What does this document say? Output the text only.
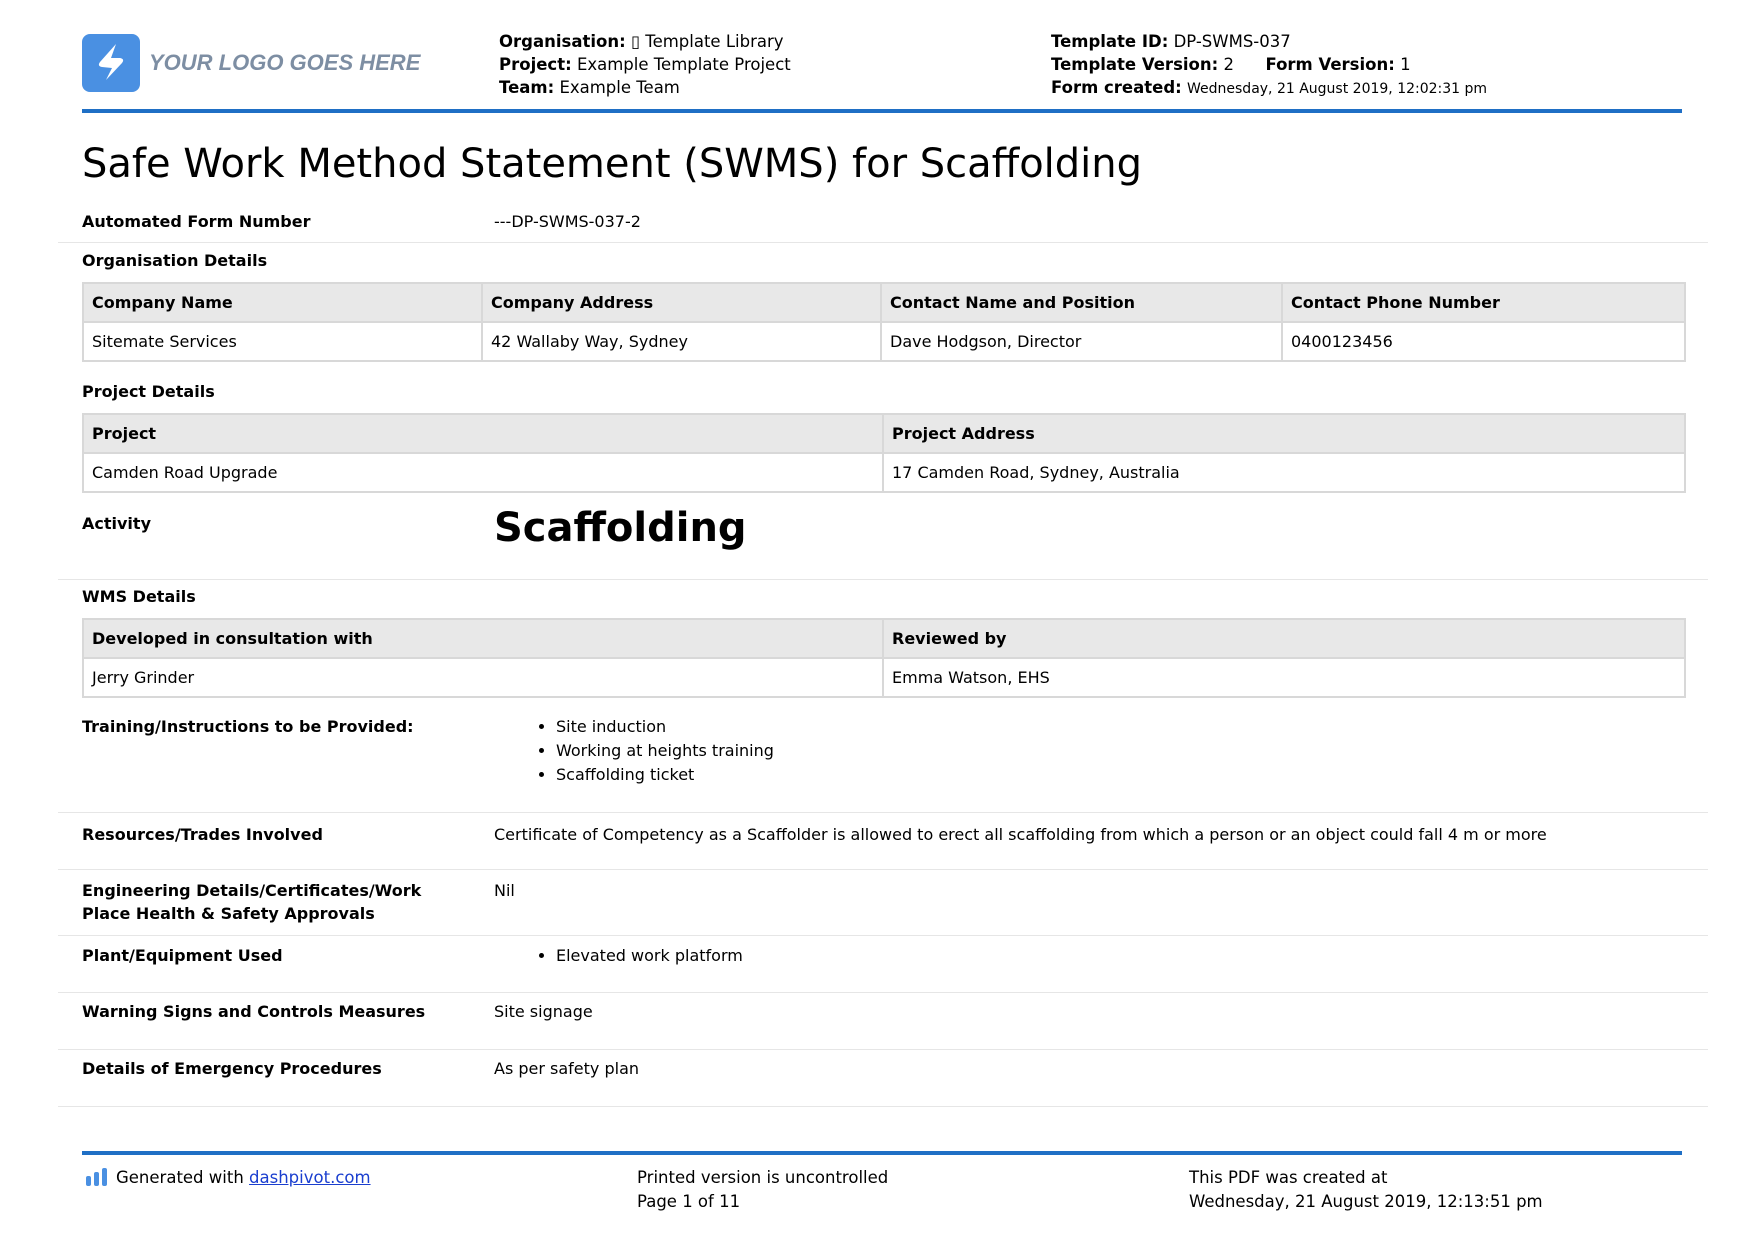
YOUR LOGO GOES HERE
Organisation: ▯ Template Library
Project: Example Template Project
Team: Example Team
Template ID: DP-SWMS-037
Template Version: 2 Form Version: 1
Form created: Wednesday, 21 August 2019, 12:02:31 pm
Safe Work Method Statement (SWMS) for Scaffolding
Automated Form Number	---DP-SWMS-037-2
Organisation Details
Company Name	Company Address	Contact Name and Position	Contact Phone Number
Sitemate Services	42 Wallaby Way, Sydney	Dave Hodgson, Director	0400123456
Project Details
Project	Project Address
Camden Road Upgrade	17 Camden Road, Sydney, Australia
Activity	Scaffolding
WMS Details
Developed in consultation with	Reviewed by
Jerry Grinder	Emma Watson, EHS
Training/Instructions to be Provided:	• Site induction
• Working at heights training
• Scaffolding ticket
Resources/Trades Involved	Certificate of Competency as a Scaffolder is allowed to erect all scaffolding from which a person or an object could fall 4 m or more
Engineering Details/Certificates/Work
Place Health & Safety Approvals
Nil
Plant/Equipment Used	• Elevated work platform
Warning Signs and Controls Measures	Site signage
Details of Emergency Procedures	As per safety plan
Generated with dashpivot.com	Printed version is uncontrolled
Page 1 of 11
This PDF was created at
Wednesday, 21 August 2019, 12:13:51 pm
